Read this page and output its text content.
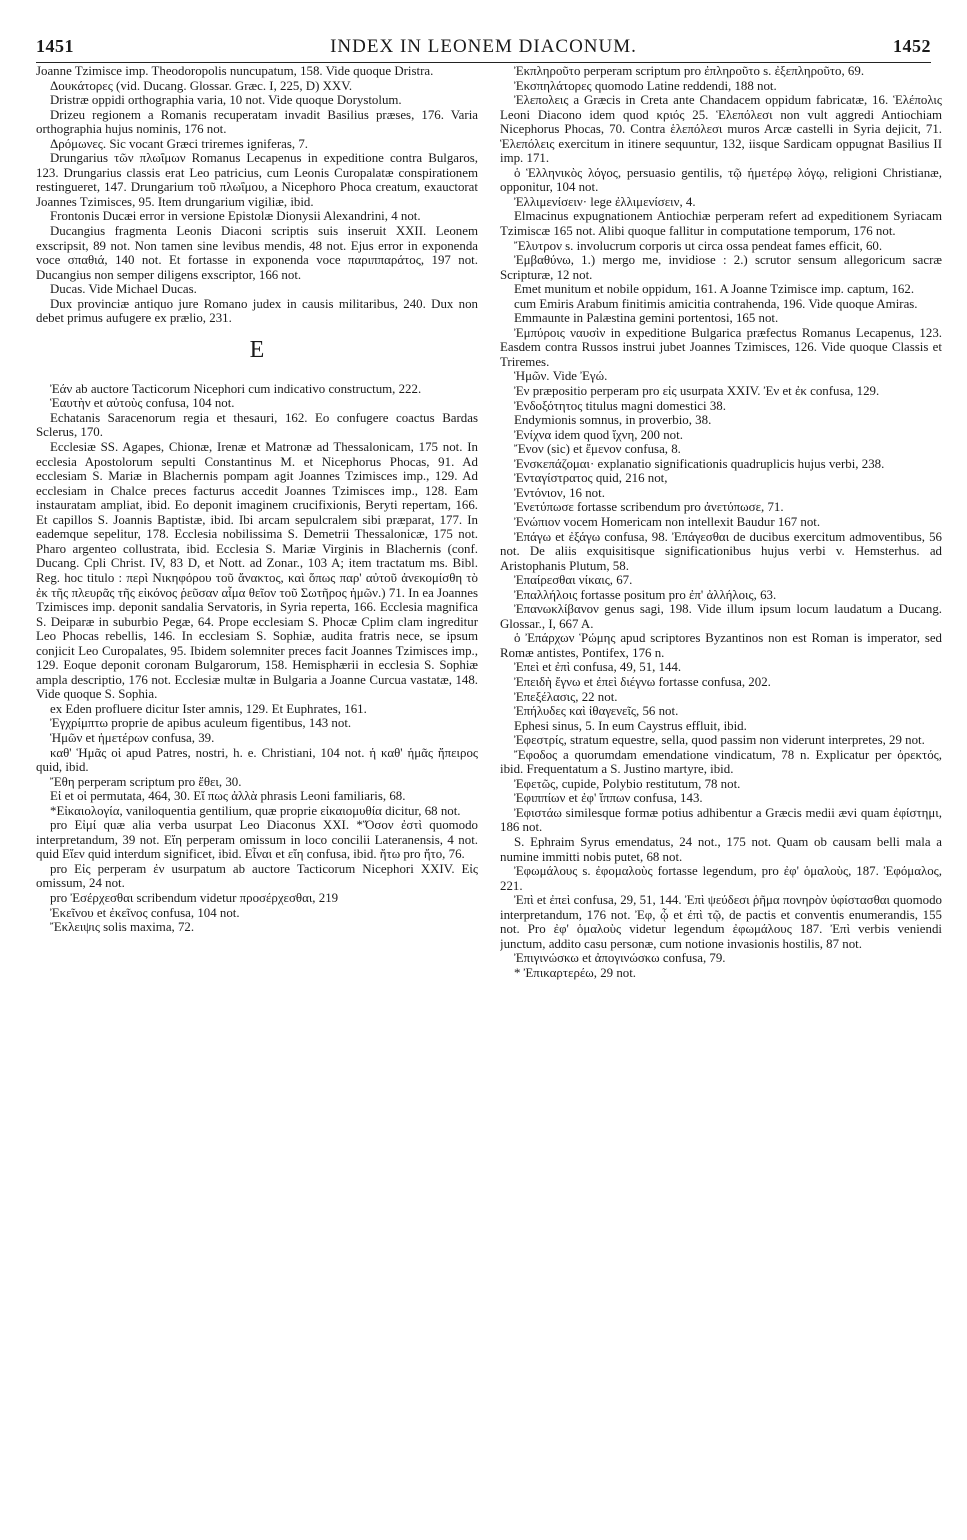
1451	INDEX IN LEONEM DIACONUM.	1452

Joanne Tzimisce imp. Theodoropolis nuncupatum, 158. Vide quoque Dristra.

Δουκάτορες (vid. Ducang. Glossar. Græc. I, 225, D) XXV.

Dristræ oppidi orthographia varia, 10 not. Vide quoque Dorystolum.

Drizeu regionem a Romanis recuperatam invadit Basilius præses, 176. Varia orthographia hujus nominis, 176 not.

Δρόμωνες. Sic vocant Græci triremes igniferas, 7.

Drungarius τῶν πλωΐμων Romanus Lecapenus in expeditione contra Bulgaros, 123. Drungarius classis erat Leo patricius, cum Leonis Curopalatæ conspirationem restingueret, 147. Drungarium τοῦ πλωΐμου, a Nicephoro Phoca creatum, exauctorat Joannes Tzimisces, 95. Item drungarium vigiliæ, ibid.

Frontonis Ducæi error in versione Epistolæ Dionysii Alexandrini, 4 not.

Ducangius fragmenta Leonis Diaconi scriptis suis inseruit XXII. Leonem exscripsit, 89 not. Non tamen sine levibus mendis, 48 not. Ejus error in exponenda voce σπαθιά, 140 not. Et fortasse in exponenda voce παριππαράτος, 197 not. Ducangius non semper diligens exscriptor, 166 not.

Ducas. Vide Michael Ducas.

Dux provinciæ antiquo jure Romano judex in causis militaribus, 240. Dux non debet primus aufugere ex prælio, 231.

E

Ἐάν ab auctore Tacticorum Nicephori cum indicativo constructum, 222.

Ἑαυτὴν et αὐτοὺς confusa, 104 not.

Echatanis Saracenorum regia et thesauri, 162. Eo confugere coactus Bardas Sclerus, 170.

Ecclesiæ SS. Agapes, Chionæ, Irenæ et Matronæ ad Thessalonicam, 175 not. In ecclesia Apostolorum sepulti Constantinus M. et Nicephorus Phocas, 91. Ad ecclesiam S. Mariæ in Blachernis pompam agit Joannes Tzimisces imp., 129. Ad ecclesiam in Chalce preces facturus accedit Joannes Tzimisces imp., 128. Eam instauratam ampliat, ibid. Eo deponit imaginem crucifixionis, Beryti repertam, 166. Et capillos S. Joannis Baptistæ, ibid. Ibi arcam sepulcralem sibi præparat, 177. In eademque sepelitur, 178. Ecclesia nobilissima S. Demetrii Thessalonicæ, 175 not. Pharo argenteo collustrata, ibid. Ecclesia S. Mariæ Virginis in Blachernis (conf. Ducang. Cpli Christ. IV, 83 D, et Nott. ad Zonar., 103 A; item tractatum ms. Bibl. Reg. hoc titulo : περὶ Νικηφόρου τοῦ ἄνακτος, καὶ ὅπως παρ' αὐτοῦ ἀνεκομίσθη τὸ ἐκ τῆς πλευρᾶς τῆς εἰκόνος ῥεῦσαν αἷμα θεῖον τοῦ Σωτῆρος ἡμῶν.) 71. In ea Joannes Tzimisces imp. deponit sandalia Servatoris, in Syria reperta, 166. Ecclesia magnifica S. Deiparæ in suburbio Pegæ, 64. Prope ecclesiam S. Phocæ Cplim clam ingreditur Leo Phocas rebellis, 146. In ecclesiam S. Sophiæ, audita fratris nece, se ipsum conjicit Leo Curopalates, 95. Ibidem solemniter preces facit Joannes Tzimisces imp., 129. Eoque deponit coronam Bulgarorum, 158. Hemisphærii in ecclesia S. Sophiæ ampla descriptio, 176 not. Ecclesiæ multæ in Bulgaria a Joanne Curcua vastatæ, 148. Vide quoque S. Sophia.

ex Eden profluere dicitur Ister amnis, 129. Et Euphrates, 161.

Ἐγχρίμπτω proprie de apibus aculeum figentibus, 143 not.

Ἡμῶν et ἡμετέρων confusa, 39.

καθ' Ἡμᾶς οἱ apud Patres, nostri, h. e. Christiani, 104 not. ἡ καθ' ἡμᾶς ἤπειρος quid, ibid.

Ἔθη perperam scriptum pro ἔθει, 30.

Εἰ et οἱ permutata, 464, 30. Εἴ πως ἀλλὰ phrasis Leoni familiaris, 68.

*Εἰκαιολογία, vaniloquentia gentilium, quæ proprie εἰκαιομυθία dicitur, 68 not.

pro Εἰμί quæ alia verba usurpat Leo Diaconus XXI. *Ὅσον ἐστὶ quomodo interpretandum, 39 not. Εἴη perperam omissum in loco concilii Lateranensis, 4 not. quid Εἴεν quid interdum significet, ibid. Εἶναι et εἴη confusa, ibid. ἤτω pro ἤτο, 76.

pro Εἰς perperam ἐν usurpatum ab auctore Tacticorum Nicephori XXIV. Εἰς omissum, 24 not.

pro Ἐσέρχεσθαι scribendum videtur προσέρχεσθαι, 219

Ἐκεῖνου et ἐκεῖνος confusa, 104 not.

Ἔκλειψις solis maxima, 72.

Ἐκπληροῦτο perperam scriptum pro ἐπληροῦτο s. ἐξεπληροῦτο, 69.

Ἐκσπηλάτορες quomodo Latine reddendi, 188 not.

Ἐλεπολεις a Græcis in Creta ante Chandacem oppidum fabricatæ, 16. Ἑλέπολις Leoni Diacono idem quod κριός 25. Ἑλεπόλεσι non vult aggredi Antiochiam Nicephorus Phocas, 70. Contra ἑλεπόλεσι muros Arcæ castelli in Syria dejicit, 71. Ἑλεπόλεις exercitum in itinere sequuntur, 132, iisque Sardicam oppugnat Basilius II imp. 171.

ὁ Ἑλληνικὸς λόγος, persuasio gentilis, τῷ ἡμετέρῳ λόγῳ, religioni Christianæ, opponitur, 104 not.

Ἐλλιμενίσειν· lege ἐλλιμενίσειν, 4.

Elmacinus expugnationem Antiochiæ perperam refert ad expeditionem Syriacam Tzimiscæ 165 not. Alibi quoque fallitur in computatione temporum, 176 not.

Ἔλυτρον s. involucrum corporis ut circa ossa pendeat fames efficit, 60.

Ἐμβαθύνω, 1.) mergo me, invidiose : 2.) scrutor sensum allegoricum sacræ Scripturæ, 12 not.

Emet munitum et nobile oppidum, 161. A Joanne Tzimisce imp. captum, 162.

cum Emiris Arabum finitimis amicitia contrahenda, 196. Vide quoque Amiras.

Emmaunte in Palæstina gemini portentosi, 165 not.

Ἐμπύροις ναυσὶν in expeditione Bulgarica præfectus Romanus Lecapenus, 123. Easdem contra Russos instrui jubet Joannes Tzimisces, 126. Vide quoque Classis et Triremes.

Ἡμῶν. Vide Ἐγώ.

Ἐν præpositio perperam pro εἰς usurpata XXIV. Ἐν et ἐκ confusa, 129.

Ἐνδοξότητος titulus magni domestici 38.

Endymionis somnus, in proverbio, 38.

Ἐνίχνα idem quod ἴχνη, 200 not.

Ἔνον (sic) et ἔμενον confusa, 8.

Ἐνσκεπάζομαι· explanatio significationis quadruplicis hujus verbi, 238.

Ἐνταγίστρατος quid, 216 not,

Ἐντόνιον, 16 not.

Ἐνετύπωσε fortasse scribendum pro ἀνετύπωσε, 71.

Ἐνώπιον vocem Homericam non intellexit Baudur 167 not.

Ἐπάγω et ἐξάγω confusa, 98. Ἐπάγεσθαι de ducibus exercitum admoventibus, 56 not. De aliis exquisitisque significationibus hujus verbi v. Hemsterhus. ad Aristophanis Plutum, 58.

Ἐπαίρεσθαι νίκαις, 67.

Ἐπαλλήλοις fortasse positum pro ἐπ' ἀλλήλοις, 63.

Ἐπανωκλίβανον genus sagi, 198. Vide illum ipsum locum laudatum a Ducang. Glossar., I, 667 A.

ὁ Ἐπάρχων Ῥώμης apud scriptores Byzantinos non est Roman is imperator, sed Romæ antistes, Pontifex, 176 n.

Ἐπεὶ et ἐπὶ confusa, 49, 51, 144.

Ἐπειδὴ ἔγνω et ἐπεὶ διέγνω fortasse confusa, 202.

Ἐπεξέλασις, 22 not.

Ἐπήλυδες καὶ ἰθαγενεῖς, 56 not.

Ephesi sinus, 5. In eum Caystrus effluit, ibid.

Ἐφεστρίς, stratum equestre, sella, quod passim non viderunt interpretes, 29 not.

Ἔφοδος a quorumdam emendatione vindicatum, 78 n. Explicatur per ὀρεκτός, ibid. Frequentatum a S. Justino martyre, ibid.

Ἐφετῶς, cupide, Polybio restitutum, 78 not.

Ἐφιππίων et ἐφ' ἵππων confusa, 143.

Ἐφιστάω similesque formæ potius adhibentur a Græcis medii ævi quam ἐφίστημι, 186 not.

S. Ephraim Syrus emendatus, 24 not., 175 not. Quam ob causam belli mala a numine immitti nobis putet, 68 not.

Ἐφωμάλους s. ἐφομαλοὺς fortasse legendum, pro ἐφ' ὁμαλοὺς, 187. Ἐφόμαλος, 221.

Ἐπὶ et ἐπεὶ confusa, 29, 51, 144. Ἐπὶ ψεύδεσι ῥῆμα πονηρὸν ὑφίστασθαι quomodo interpretandum, 176 not. Ἐφ, ᾧ et ἐπὶ τῷ, de pactis et conventis enumerandis, 155 not. Pro ἐφ' ὁμαλοὺς videtur legendum ἐφωμάλους 187. Ἐπὶ verbis veniendi junctum, addito casu personæ, cum notione invasionis hostilis, 87 not.

Ἐπιγινώσκω et ἀπογινώσκω confusa, 79.

* Ἐπικαρτερέω, 29 not.
